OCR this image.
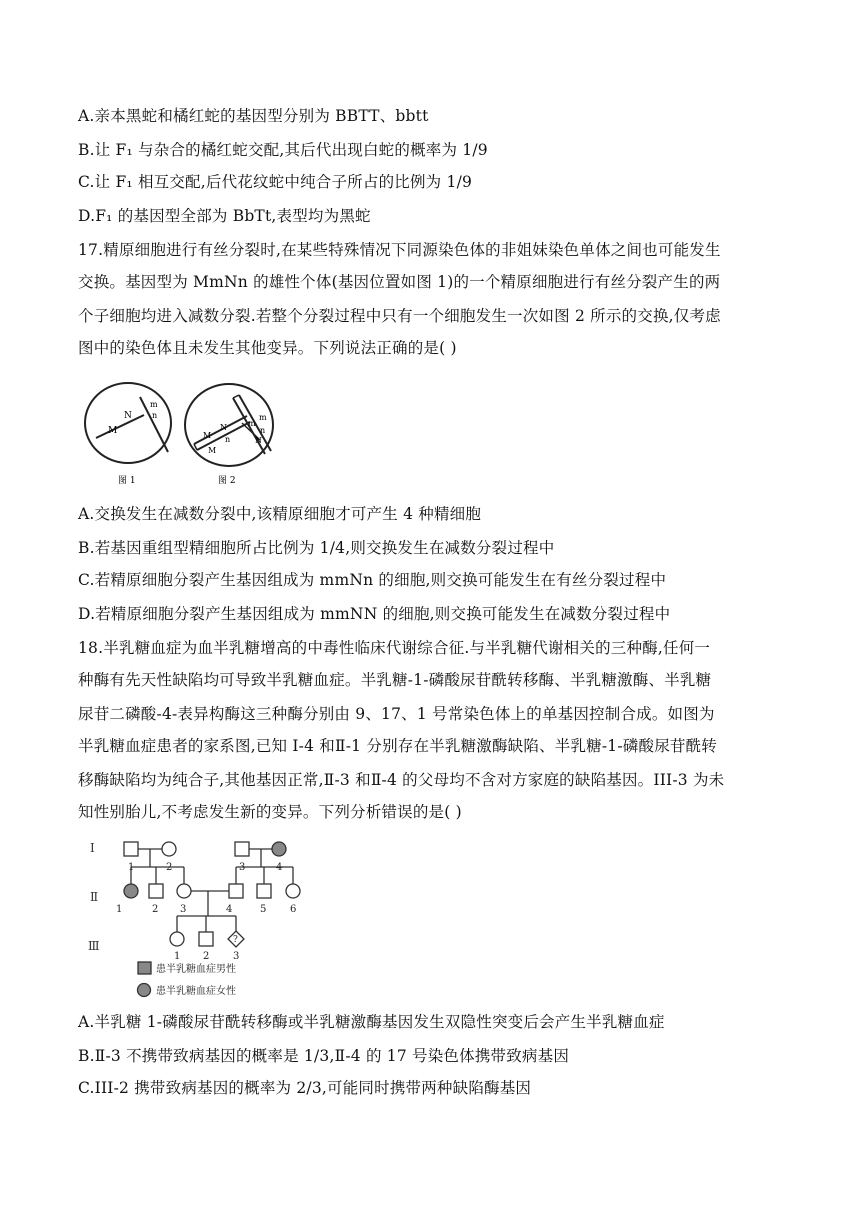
A.亲本黑蛇和橘红蛇的基因型分别为 BBTT、bbtt
B.让 F₁ 与杂合的橘红蛇交配,其后代出现白蛇的概率为 1/9
C.让 F₁ 相互交配,后代花纹蛇中纯合子所占的比例为 1/9
D.F₁ 的基因型全部为 BbTt,表型均为黑蛇
17.精原细胞进行有丝分裂时,在某些特殊情况下同源染色体的非姐妹染色单体之间也可能发生
交换。基因型为 MmNn 的雄性个体(基因位置如图 1)的一个精原细胞进行有丝分裂产生的两
个子细胞均进入减数分裂.若整个分裂过程中只有一个细胞发生一次如图 2 所示的交换,仅考虑
图中的染色体且未发生其他变异。下列说法正确的是( )
M
N
m
n
M
M
N
n
m
m
n
N
图 1	图 2
A.交换发生在减数分裂中,该精原细胞才可产生 4 种精细胞
B.若基因重组型精细胞所占比例为 1/4,则交换发生在减数分裂过程中
C.若精原细胞分裂产生基因组成为 mmNn 的细胞,则交换可能发生在有丝分裂过程中
D.若精原细胞分裂产生基因组成为 mmNN 的细胞,则交换可能发生在减数分裂过程中
18.半乳糖血症为血半乳糖增高的中毒性临床代谢综合征.与半乳糖代谢相关的三种酶,任何一
种酶有先天性缺陷均可导致半乳糖血症。半乳糖-1-磷酸尿苷酰转移酶、半乳糖激酶、半乳糖
尿苷二磷酸-4-表异构酶这三种酶分别由 9、17、1 号常染色体上的单基因控制合成。如图为
半乳糖血症患者的家系图,已知 I-4 和Ⅱ-1 分别存在半乳糖激酶缺陷、半乳糖-1-磷酸尿苷酰转
移酶缺陷均为纯合子,其他基因正常,Ⅱ-3 和Ⅱ-4 的父母均不含对方家庭的缺陷基因。III-3 为未
知性别胎儿,不考虑发生新的变异。下列分析错误的是( )
I
Ⅱ
Ⅲ
1	2	3	4
1	2 3	4	5 6
1 2 3
?
患半乳糖血症男性
患半乳糖血症女性
A.半乳糖 1-磷酸尿苷酰转移酶或半乳糖激酶基因发生双隐性突变后会产生半乳糖血症
B.Ⅱ-3 不携带致病基因的概率是 1/3,Ⅱ-4 的 17 号染色体携带致病基因
C.III-2 携带致病基因的概率为 2/3,可能同时携带两种缺陷酶基因
